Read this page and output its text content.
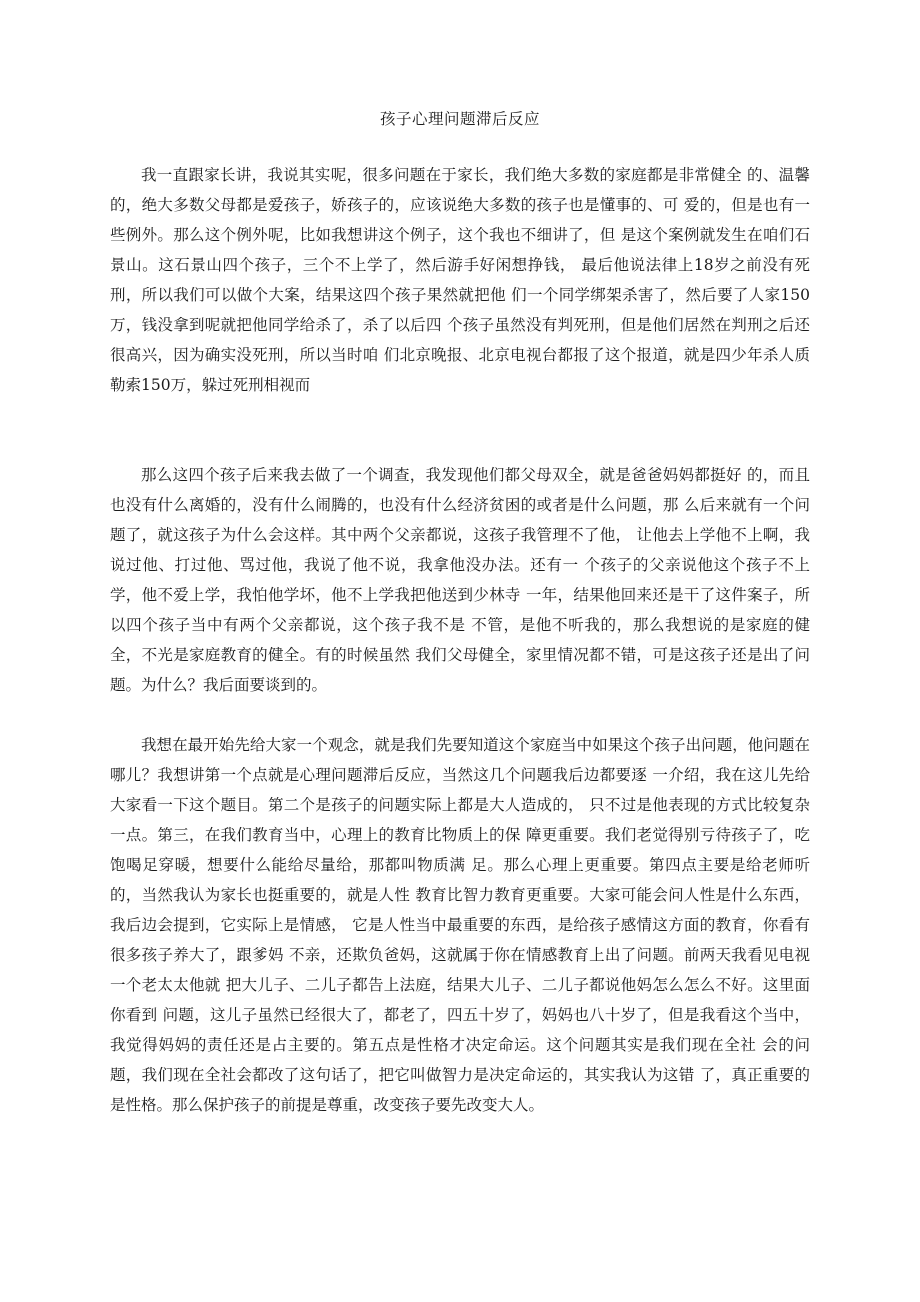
孩子心理问题滞后反应

我一直跟家长讲，我说其实呢，很多问题在于家长，我们绝大多数的家庭都是非常健全 的、温馨的，绝大多数父母都是爱孩子，娇孩子的，应该说绝大多数的孩子也是懂事的、可 爱的，但是也有一些例外。那么这个例外呢，比如我想讲这个例子，这个我也不细讲了，但 是这个案例就发生在咱们石景山。这石景山四个孩子，三个不上学了，然后游手好闲想挣钱， 最后他说法律上18岁之前没有死刑，所以我们可以做个大案，结果这四个孩子果然就把他 们一个同学绑架杀害了，然后要了人家150万，钱没拿到呢就把他同学给杀了，杀了以后四 个孩子虽然没有判死刑，但是他们居然在判刑之后还很高兴，因为确实没死刑，所以当时咱 们北京晚报、北京电视台都报了这个报道，就是四少年杀人质勒索150万，躲过死刑相视而

那么这四个孩子后来我去做了一个调查，我发现他们都父母双全，就是爸爸妈妈都挺好 的，而且也没有什么离婚的，没有什么闹腾的，也没有什么经济贫困的或者是什么问题，那 么后来就有一个问题了，就这孩子为什么会这样。其中两个父亲都说，这孩子我管理不了他， 让他去上学他不上啊，我说过他、打过他、骂过他，我说了他不说，我拿他没办法。还有一 个孩子的父亲说他这个孩子不上学，他不爱上学，我怕他学坏，他不上学我把他送到少林寺 一年，结果他回来还是干了这件案子，所以四个孩子当中有两个父亲都说，这个孩子我不是 不管，是他不听我的，那么我想说的是家庭的健全，不光是家庭教育的健全。有的时候虽然 我们父母健全，家里情况都不错，可是这孩子还是出了问题。为什么？我后面要谈到的。

我想在最开始先给大家一个观念，就是我们先要知道这个家庭当中如果这个孩子出问题，他问题在哪儿？我想讲第一个点就是心理问题滞后反应，当然这几个问题我后边都要逐 一介绍，我在这儿先给大家看一下这个题目。第二个是孩子的问题实际上都是大人造成的， 只不过是他表现的方式比较复杂一点。第三，在我们教育当中，心理上的教育比物质上的保 障更重要。我们老觉得别亏待孩子了，吃饱喝足穿暖，想要什么能给尽量给，那都叫物质满 足。那么心理上更重要。第四点主要是给老师听的，当然我认为家长也挺重要的，就是人性 教育比智力教育更重要。大家可能会问人性是什么东西，我后边会提到，它实际上是情感， 它是人性当中最重要的东西，是给孩子感情这方面的教育，你看有很多孩子养大了，跟爹妈 不亲，还欺负爸妈，这就属于你在情感教育上出了问题。前两天我看见电视一个老太太他就 把大儿子、二儿子都告上法庭，结果大儿子、二儿子都说他妈怎么怎么不好。这里面你看到 问题，这儿子虽然已经很大了，都老了，四五十岁了，妈妈也八十岁了，但是我看这个当中， 我觉得妈妈的责任还是占主要的。第五点是性格才决定命运。这个问题其实是我们现在全社 会的问题，我们现在全社会都改了这句话了，把它叫做智力是决定命运的，其实我认为这错 了，真正重要的是性格。那么保护孩子的前提是尊重，改变孩子要先改变大人。
